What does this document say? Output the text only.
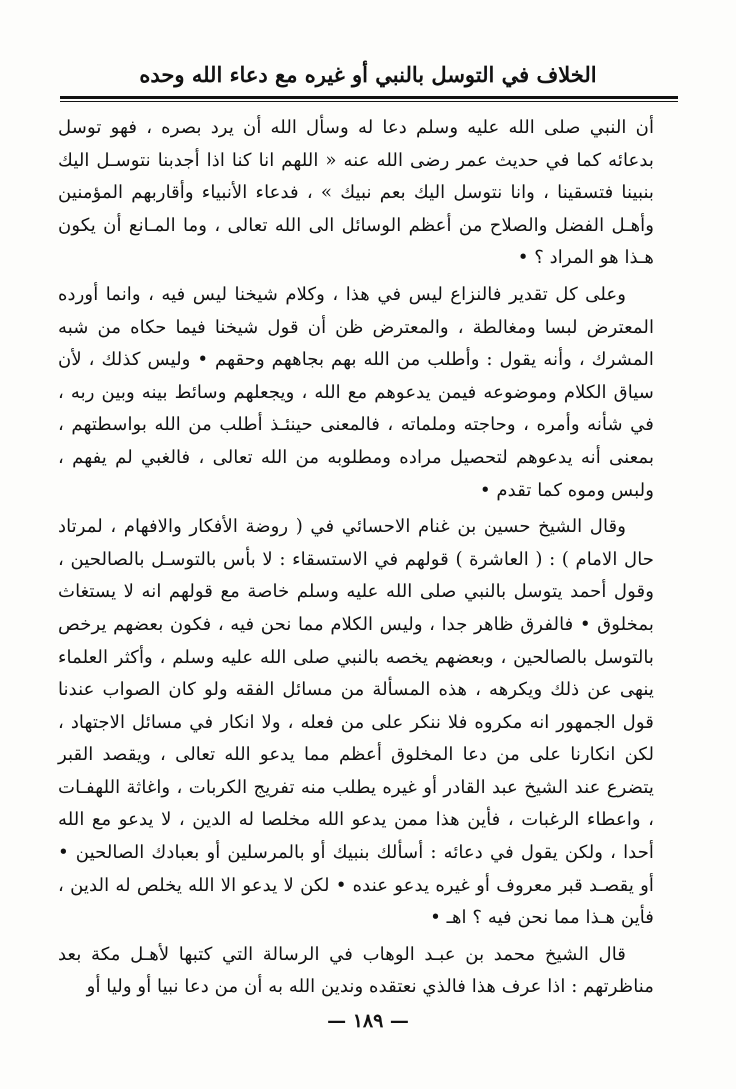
الخلاف في التوسل بالنبي أو غيره مع دعاء الله وحده

أن النبي صلى الله عليه وسلم دعا له وسأل الله أن يرد بصره ، فهو توسل بدعائه كما في حديث عمر رضى الله عنه « اللهم انا كنا اذا أجدبنا نتوسـل اليك بنبينا فتسقينا ، وانا نتوسل اليك بعم نبيك » ، فدعاء الأنبياء وأقاربهم المؤمنين وأهـل الفضل والصلاح من أعظم الوسائل الى الله تعالى ، وما المـانع أن يكون هـذا هو المراد ؟ •

وعلى كل تقدير فالنزاع ليس في هذا ، وكلام شيخنا ليس فيه ، وانما أورده المعترض لبسا ومغالطة ، والمعترض ظن أن قول شيخنا فيما حكاه من شبه المشرك ، وأنه يقول : وأطلب من الله بهم بجاههم وحقهم • وليس كذلك ، لأن سياق الكلام وموضوعه فيمن يدعوهم مع الله ، ويجعلهم وسائط بينه وبين ربه ، في شأنه وأمره ، وحاجته وملماته ، فالمعنى حينئـذ أطلب من الله بواسطتهم ، بمعنى أنه يدعوهم لتحصيل مراده ومطلوبه من الله تعالى ، فالغبي لم يفهم ، ولبس وموه كما تقدم •

وقال الشيخ حسين بن غنام الاحسائي في ( روضة الأفكار والافهام ، لمرتاد حال الامام ) : ( العاشرة ) قولهم في الاستسقاء : لا بأس بالتوسـل بالصالحين ، وقول أحمد يتوسل بالنبي صلى الله عليه وسلم خاصة مع قولهم انه لا يستغاث بمخلوق • فالفرق ظاهر جدا ، وليس الكلام مما نحن فيه ، فكون بعضهم يرخص بالتوسل بالصالحين ، وبعضهم يخصه بالنبي صلى الله عليه وسلم ، وأكثر العلماء ينهى عن ذلك ويكرهه ، هذه المسألة من مسائل الفقه ولو كان الصواب عندنا قول الجمهور انه مكروه فلا ننكر على من فعله ، ولا انكار في مسائل الاجتهاد ، لكن انكارنا على من دعا المخلوق أعظم مما يدعو الله تعالى ، ويقصد القبر يتضرع عند الشيخ عبد القادر أو غيره يطلب منه تفريج الكربات ، واغاثة اللهفـات ، واعطاء الرغبات ، فأين هذا ممن يدعو الله مخلصا له الدين ، لا يدعو مع الله أحدا ، ولكن يقول في دعائه : أسألك بنبيك أو بالمرسلين أو بعبادك الصالحين • أو يقصـد قبر معروف أو غيره يدعو عنده • لكن لا يدعو الا الله يخلص له الدين ، فأين هـذا مما نحن فيه ؟ اهـ •

قال الشيخ محمد بن عبـد الوهاب في الرسالة التي كتبها لأهـل مكة بعد مناظرتهم : اذا عرف هذا فالذي نعتقده وندين الله به أن من دعا نبيا أو وليا أو

— ١٨٩ —
